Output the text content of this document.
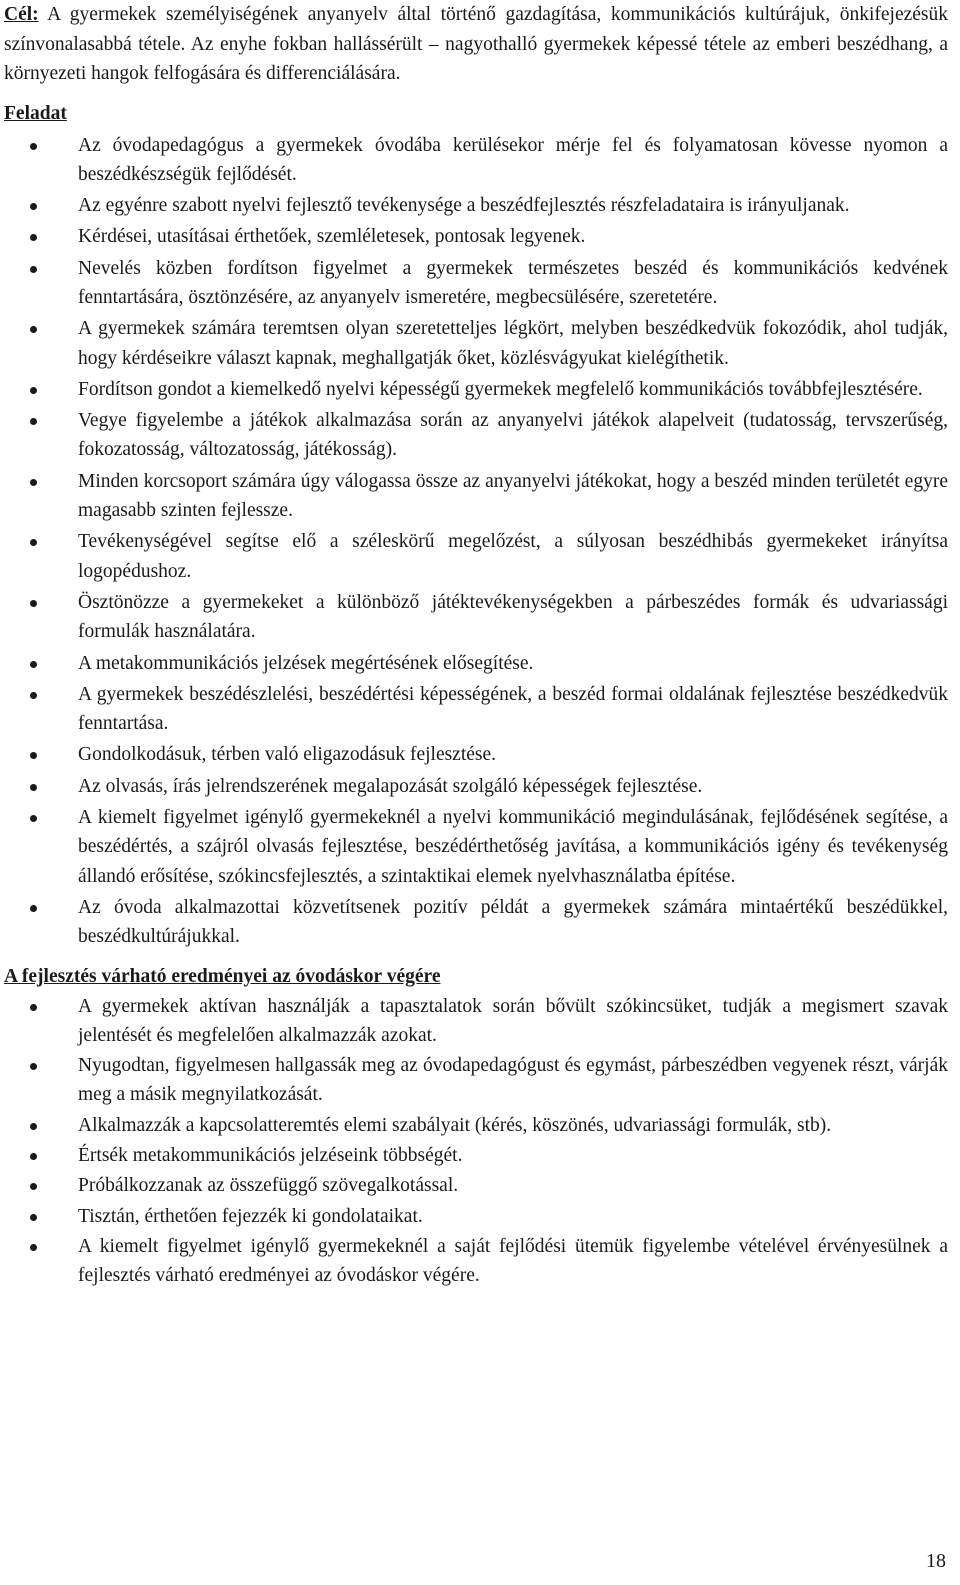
Cél: A gyermekek személyiségének anyanyelv által történő gazdagítása, kommunikációs kultúrájuk, önkifejezésük színvonalasabbá tétele. Az enyhe fokban hallássérült – nagyothalló gyermekek képessé tétele az emberi beszédhang, a környezeti hangok felfogására és differenciálására.

Feladat

Az óvodapedagógus a gyermekek óvodába kerülésekor mérje fel és folyamatosan kövesse nyomon a beszédkészségük fejlődését.
Az egyénre szabott nyelvi fejlesztő tevékenysége a beszédfejlesztés részfeladataira is irányuljanak.
Kérdései, utasításai érthetőek, szemléletesek, pontosak legyenek.
Nevelés közben fordítson figyelmet a gyermekek természetes beszéd és kommunikációs kedvének fenntartására, ösztönzésére, az anyanyelv ismeretére, megbecsülésére, szeretetére.
A gyermekek számára teremtsen olyan szeretetteljes légkört, melyben beszédkedvük fokozódik, ahol tudják, hogy kérdéseikre választ kapnak, meghallgatják őket, közlésvágyukat kielégíthetik.
Fordítson gondot a kiemelkedő nyelvi képességű gyermekek megfelelő kommunikációs továbbfejlesztésére.
Vegye figyelembe a játékok alkalmazása során az anyanyelvi játékok alapelveit (tudatosság, tervszerűség, fokozatosság, változatosság, játékosság).
Minden korcsoport számára úgy válogassa össze az anyanyelvi játékokat, hogy a beszéd minden területét egyre magasabb szinten fejlessze.
Tevékenységével segítse elő a széleskörű megelőzést, a súlyosan beszédhibás gyermekeket irányítsa logopédushoz.
Ösztönözze a gyermekeket a különböző játéktevékenységekben a párbeszédes formák és udvariassági formulák használatára.
A metakommunikációs jelzések megértésének elősegítése.
A gyermekek beszédészlelési, beszédértési képességének, a beszéd formai oldalának fejlesztése beszédkedvük fenntartása.
Gondolkodásuk, térben való eligazodásuk fejlesztése.
Az olvasás, írás jelrendszerének megalapozását szolgáló képességek fejlesztése.
A kiemelt figyelmet igénylő gyermekeknél a nyelvi kommunikáció megindulásának, fejlődésének segítése, a beszédértés, a szájról olvasás fejlesztése, beszédérthetőség javítása, a kommunikációs igény és tevékenység állandó erősítése, szókincsfejlesztés, a szintaktikai elemek nyelvhasználatba építése.
Az óvoda alkalmazottai közvetítsenek pozitív példát a gyermekek számára mintaértékű beszédükkel, beszédkultúrájukkal.

A fejlesztés várható eredményei az óvodáskor végére

A gyermekek aktívan használják a tapasztalatok során bővült szókincsüket, tudják a megismert szavak jelentését és megfelelően alkalmazzák azokat.
Nyugodtan, figyelmesen hallgassák meg az óvodapedagógust és egymást, párbeszédben vegyenek részt, várják meg a másik megnyilatkozását.
Alkalmazzák a kapcsolatteremtés elemi szabályait (kérés, köszönés, udvariassági formulák, stb).
Értsék metakommunikációs jelzéseink többségét.
Próbálkozzanak az összefüggő szövegalkotással.
Tisztán, érthetően fejezzék ki gondolataikat.
A kiemelt figyelmet igénylő gyermekeknél a saját fejlődési ütemük figyelembe vételével érvényesülnek a fejlesztés várható eredményei az óvodáskor végére.
18
